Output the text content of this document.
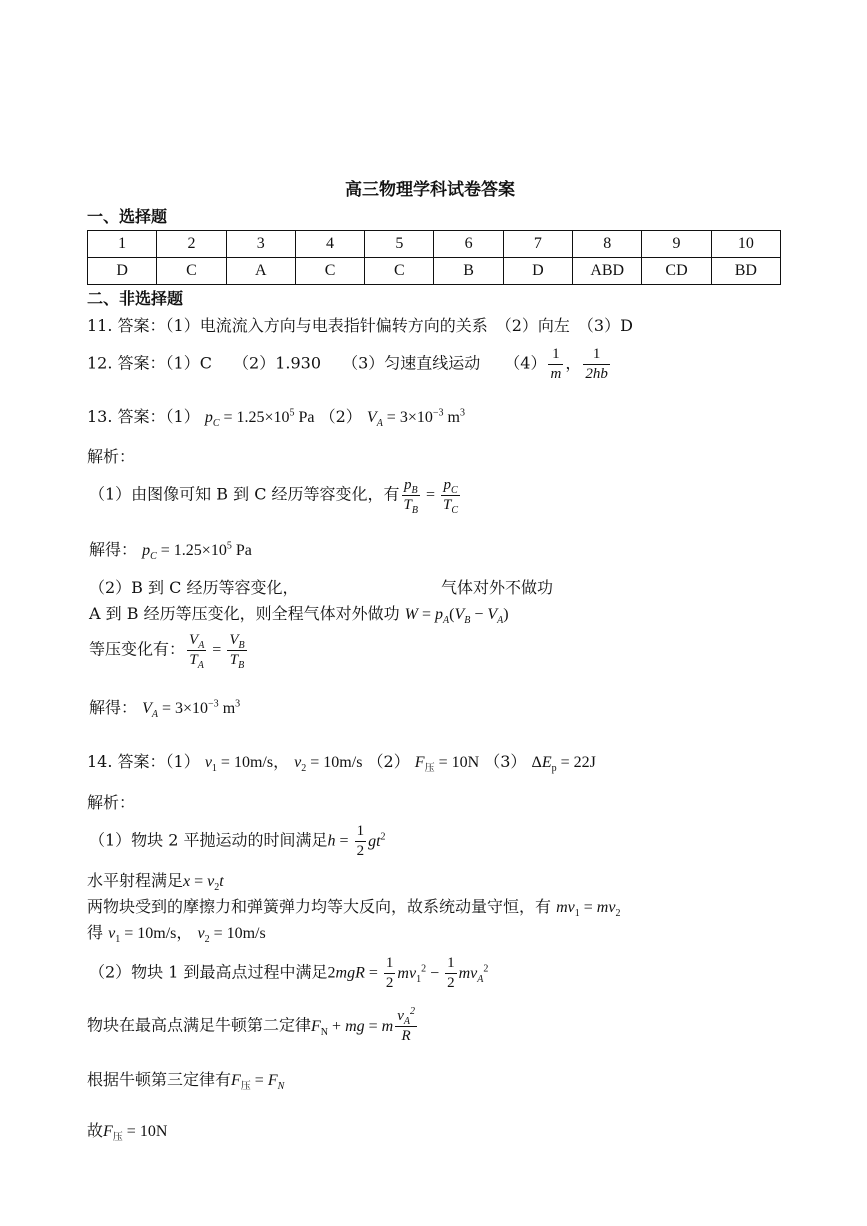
高三物理学科试卷答案
一、选择题
1	2	3	4	5	6	7	8	9	10
D	C	A	C	C	B	D	ABD	CD	BD
二、非选择题
11. 答案：（1）电流流入方向与电表指针偏转方向的关系　（2）向左　（3）D
12. 答案：（1）C　 （2）1.930　 （3）匀速直线运动　　$(4) \frac{1}{m}$ ， $\frac{1}{2hb}$
13. 答案：（1） $p_C = 1.25\times 10^5$ Pa （2） $V_A = 3\times 10^{-3}$ $m^3$
解析：
（1）由图像可知 B 到 C 经历等容变化，有 $\frac{p_B}{T_B} = \frac{p_C}{T_C}$
解得： $p_C = 1.25\times 10^5$ Pa
（2）B 到 C 经历等容变化，	气体对外不做功
A 到 B 经历等压变化，则全程气体对外做功 $W = p_A(V_B - V_A)$
等压变化有： $\frac{V_A}{T_A} = \frac{V_B}{T_B}$
解得： $V_A = 3\times 10^{-3}$ $m^3$
14. 答案：（1） $v_1 = 10m/s$， $v_2 = 10m/s$ （2） $F_压 = 10N$ （3） $\Delta E_p = 22J$
解析：
（1）物块 2 平抛运动的时间满足$h = \frac{1}{2} gt^2$
水平射程满足$x = v_2t$
两物块受到的摩擦力和弹簧弹力均等大反向，故系统动量守恒，有 $mv_1 = mv_2$
得 $v_1 = 10m/s$， $v_2 = 10m/s$
（2）物块 1 到最高点过程中满足$2mgR = \frac{1}{2} mv_1^2 - \frac{1}{2} mv_A^2$
物块在最高点满足牛顿第二定律$F_N$ + mg = m $\frac{v_A^2}{R}$
根据牛顿第三定律有$F_压 = F_N$
故$F_压 = 10N$
